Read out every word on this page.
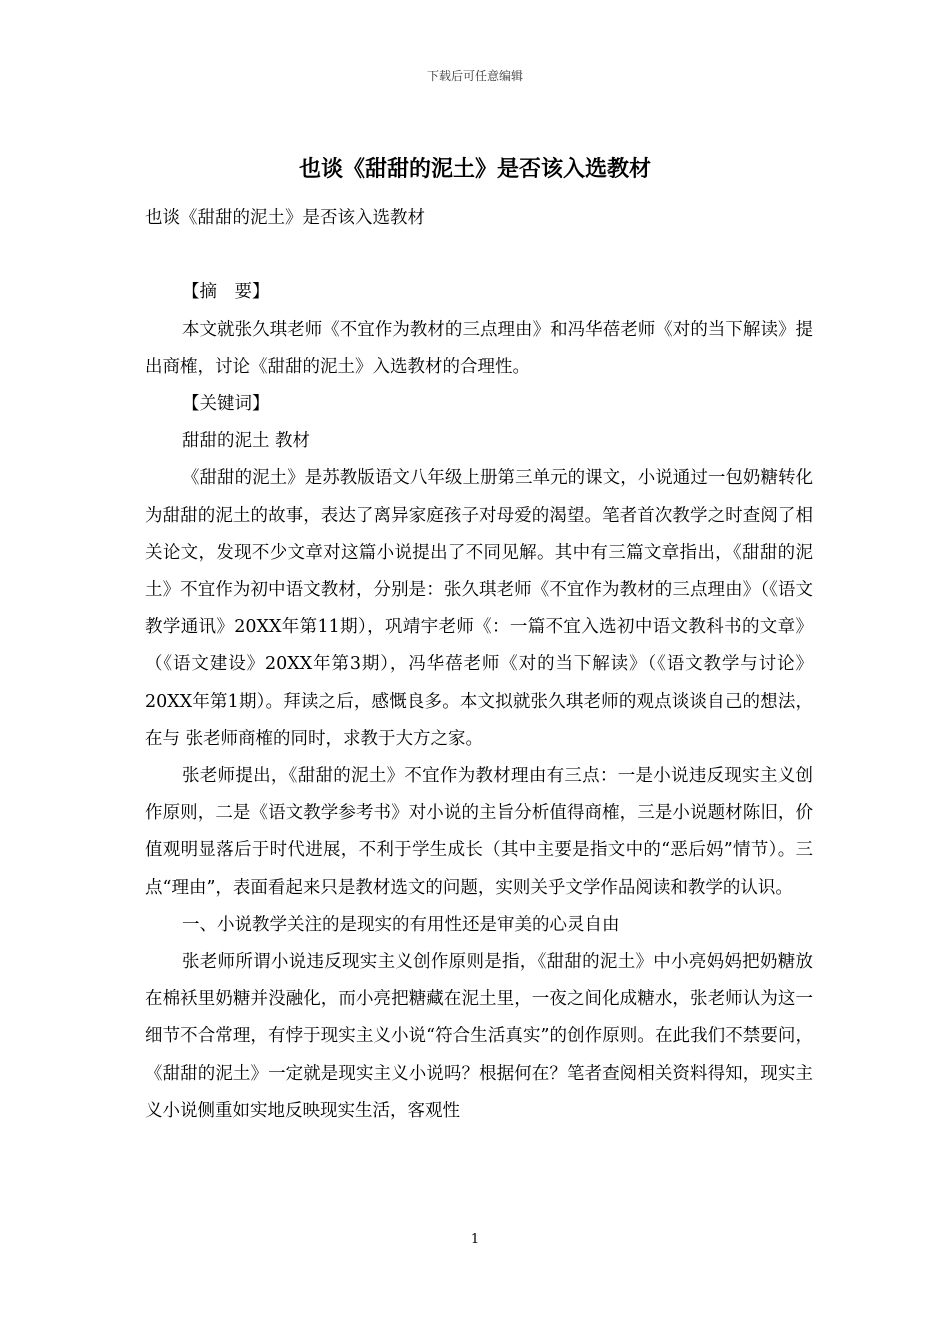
下载后可任意编辑
也谈《甜甜的泥土》是否该入选教材

也谈《甜甜的泥土》是否该入选教材

【摘　要】

本文就张久琪老师《不宜作为教材的三点理由》和冯华蓓老师《对的当下解读》提出商榷，讨论《甜甜的泥土》入选教材的合理性。

【关键词】

甜甜的泥土 教材

《甜甜的泥土》是苏教版语文八年级上册第三单元的课文，小说通过一包奶糖转化为甜甜的泥土的故事，表达了离异家庭孩子对母爱的渴望。笔者首次教学之时查阅了相关论文，发现不少文章对这篇小说提出了不同见解。其中有三篇文章指出，《甜甜的泥土》不宜作为初中语文教材，分别是：张久琪老师《不宜作为教材的三点理由》（《语文教学通讯》20XX年第11期），巩靖宇老师《：一篇不宜入选初中语文教科书的文章》（《语文建设》20XX年第3期），冯华蓓老师《对的当下解读》（《语文教学与讨论》20XX年第1期）。拜读之后，感慨良多。本文拟就张久琪老师的观点谈谈自己的想法，在与 张老师商榷的同时，求教于大方之家。

张老师提出，《甜甜的泥土》不宜作为教材理由有三点：一是小说违反现实主义创作原则，二是《语文教学参考书》对小说的主旨分析值得商榷，三是小说题材陈旧，价值观明显落后于时代进展，不利于学生成长（其中主要是指文中的“恶后妈”情节）。三点“理由”，表面看起来只是教材选文的问题，实则关乎文学作品阅读和教学的认识。

一、小说教学关注的是现实的有用性还是审美的心灵自由

张老师所谓小说违反现实主义创作原则是指，《甜甜的泥土》中小亮妈妈把奶糖放在棉袄里奶糖并没融化，而小亮把糖藏在泥土里，一夜之间化成糖水，张老师认为这一细节不合常理，有悖于现实主义小说“符合生活真实”的创作原则。在此我们不禁要问，《甜甜的泥土》一定就是现实主义小说吗？根据何在？笔者查阅相关资料得知，现实主义小说侧重如实地反映现实生活，客观性

1
